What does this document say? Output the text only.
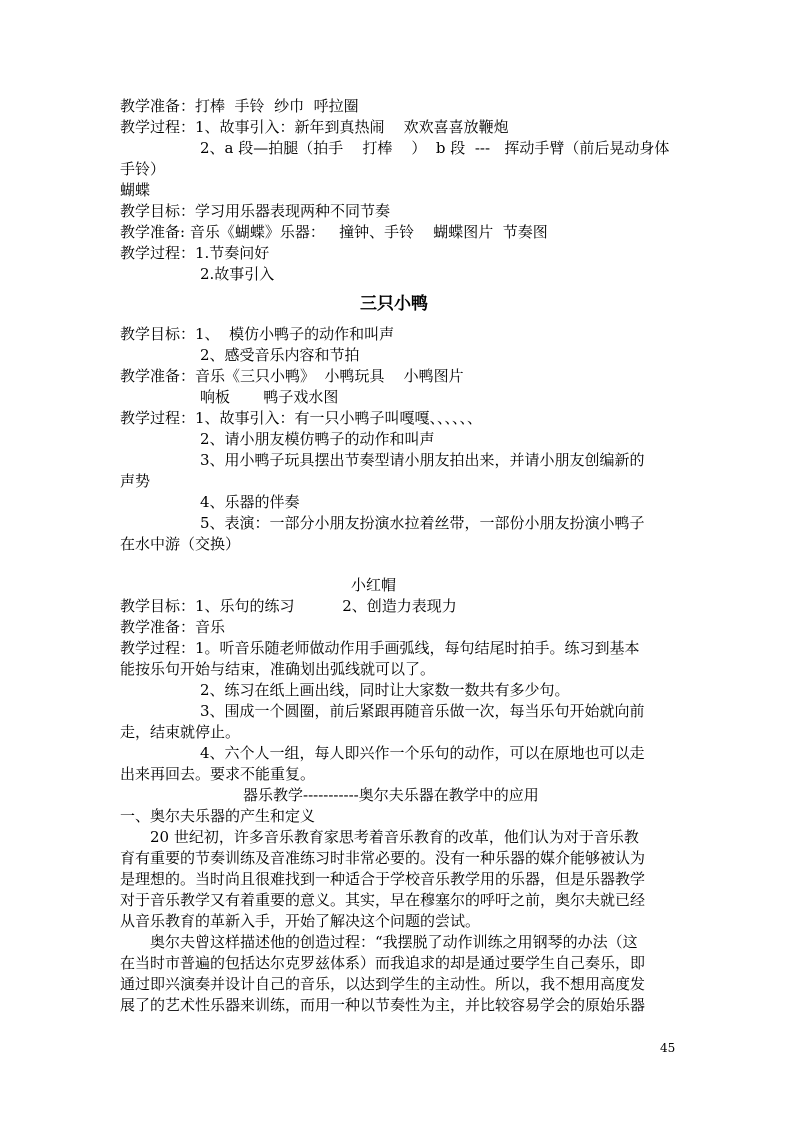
教学准备：打棒  手铃  纱巾  呼拉圈

教学过程：1、故事引入：新年到真热闹    欢欢喜喜放鞭炮

2、a 段—拍腿（拍手    打棒    ）  b 段  ---   挥动手臂（前后晃动身体

手铃）

蝴蝶

教学目标：学习用乐器表现两种不同节奏

教学准备: 音乐《蝴蝶》乐器：   撞钟、手铃    蝴蝶图片  节奏图

教学过程：1.节奏问好

2.故事引入

三只小鸭

教学目标：1、  模仿小鸭子的动作和叫声

2、感受音乐内容和节拍

教学准备：音乐《三只小鸭》  小鸭玩具    小鸭图片

响板       鸭子戏水图

教学过程：1、故事引入：有一只小鸭子叫嘎嘎、、、、、、

2、请小朋友模仿鸭子的动作和叫声

3、用小鸭子玩具摆出节奏型请小朋友拍出来，并请小朋友创编新的

声势

4、乐器的伴奏

5、表演：一部分小朋友扮演水拉着丝带，一部份小朋友扮演小鸭子

在水中游（交换）

小红帽

教学目标：1、乐句的练习          2、创造力表现力

教学准备：音乐

教学过程：1。听音乐随老师做动作用手画弧线，每句结尾时拍手。练习到基本

能按乐句开始与结束，准确划出弧线就可以了。

2、练习在纸上画出线，同时让大家数一数共有多少句。

3、围成一个圆圈，前后紧跟再随音乐做一次，每当乐句开始就向前

走，结束就停止。

4、六个人一组，每人即兴作一个乐句的动作，可以在原地也可以走

出来再回去。要求不能重复。

器乐教学-----------奥尔夫乐器在教学中的应用

一、奥尔夫乐器的产生和定义

20 世纪初，许多音乐教育家思考着音乐教育的改革，他们认为对于音乐教

育有重要的节奏训练及音准练习时非常必要的。没有一种乐器的媒介能够被认为

是理想的。当时尚且很难找到一种适合于学校音乐教学用的乐器，但是乐器教学

对于音乐教学又有着重要的意义。其实，早在穆塞尔的呼吁之前，奥尔夫就已经

从音乐教育的革新入手，开始了解决这个问题的尝试。

奥尔夫曾这样描述他的创造过程：“我摆脱了动作训练之用钢琴的办法（这

在当时市普遍的包括达尔克罗兹体系）而我追求的却是通过要学生自己奏乐，即

通过即兴演奏并设计自己的音乐，以达到学生的主动性。所以，我不想用高度发

展了的艺术性乐器来训练，而用一种以节奏性为主，并比较容易学会的原始乐器

45
